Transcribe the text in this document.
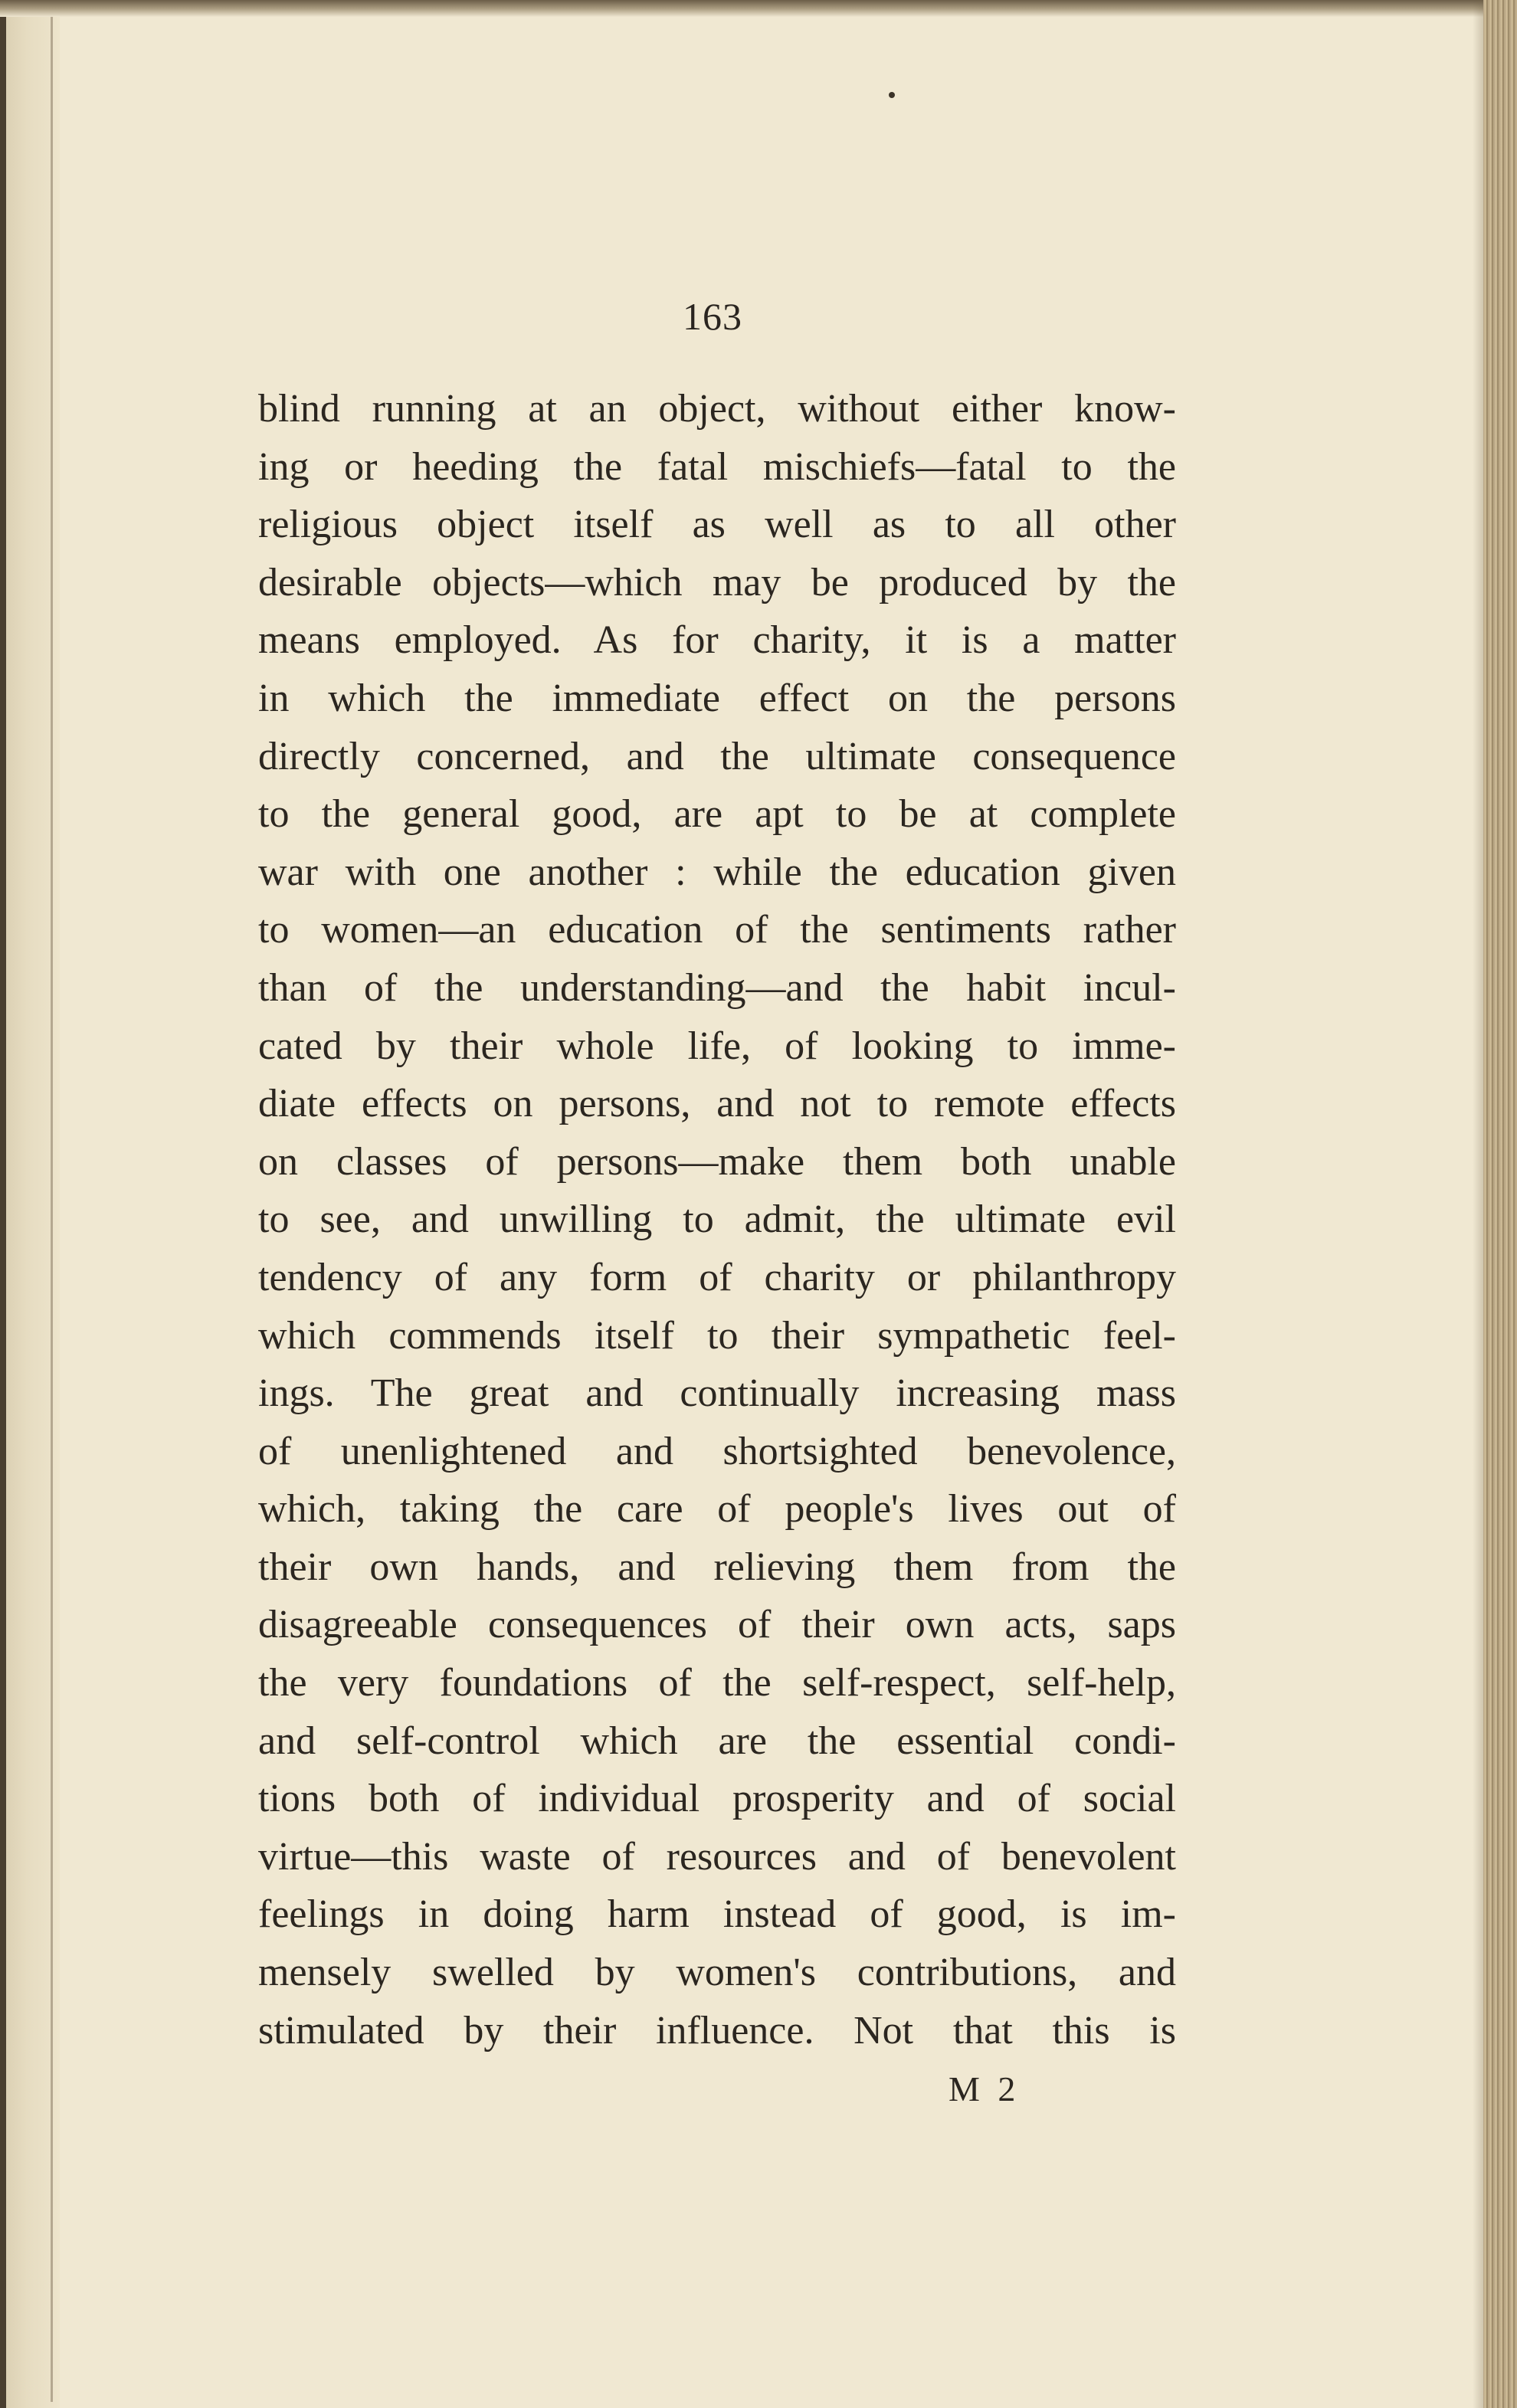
163
blind running at an object, without either know-
ing or heeding the fatal mischiefs—fatal to the
religious object itself as well as to all other
desirable objects—which may be produced by the
means employed. As for charity, it is a matter
in which the immediate effect on the persons
directly concerned, and the ultimate consequence
to the general good, are apt to be at complete
war with one another : while the education given
to women—an education of the sentiments rather
than of the understanding—and the habit incul-
cated by their whole life, of looking to imme-
diate effects on persons, and not to remote effects
on classes of persons—make them both unable
to see, and unwilling to admit, the ultimate evil
tendency of any form of charity or philanthropy
which commends itself to their sympathetic feel-
ings. The great and continually increasing mass
of unenlightened and shortsighted benevolence,
which, taking the care of people's lives out of
their own hands, and relieving them from the
disagreeable consequences of their own acts, saps
the very foundations of the self-respect, self-help,
and self-control which are the essential condi-
tions both of individual prosperity and of social
virtue—this waste of resources and of benevolent
feelings in doing harm instead of good, is im-
mensely swelled by women's contributions, and
stimulated by their influence. Not that this is
M 2
